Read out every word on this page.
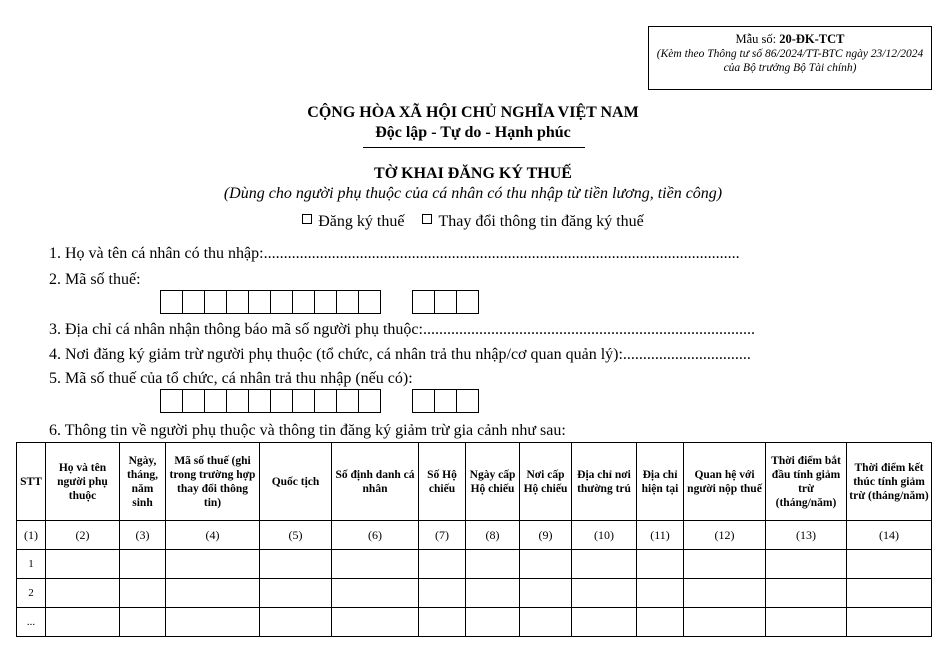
Mẫu số: 20-ĐK-TCT
(Kèm theo Thông tư số 86/2024/TT-BTC ngày 23/12/2024 của Bộ trưởng Bộ Tài chính)
CỘNG HÒA XÃ HỘI CHỦ NGHĨA VIỆT NAM
Độc lập - Tự do - Hạnh phúc
TỜ KHAI ĐĂNG KÝ THUẾ
(Dùng cho người phụ thuộc của cá nhân có thu nhập từ tiền lương, tiền công)
Đăng ký thuế Thay đổi thông tin đăng ký thuế
1. Họ và tên cá nhân có thu nhập:.......................................................................................................................
2. Mã số thuế:
3. Địa chỉ cá nhân nhận thông báo mã số người phụ thuộc:...................................................................................
4. Nơi đăng ký giảm trừ người phụ thuộc (tổ chức, cá nhân trả thu nhập/cơ quan quản lý):................................
5. Mã số thuế của tổ chức, cá nhân trả thu nhập (nếu có):
6. Thông tin về người phụ thuộc và thông tin đăng ký giảm trừ gia cảnh như sau:
STT	Họ và tên người phụ thuộc	Ngày, tháng, năm sinh	Mã số thuế (ghi trong trường hợp thay đổi thông tin)	Quốc tịch	Số định danh cá nhân	Số Hộ chiếu	Ngày cấp Hộ chiếu	Nơi cấp Hộ chiếu	Địa chỉ nơi thường trú	Địa chỉ hiện tại	Quan hệ với người nộp thuế	Thời điểm bắt đầu tính giảm trừ (tháng/năm)	Thời điểm kết thúc tính giảm trừ (tháng/năm)
(1)	(2)	(3)	(4)	(5)	(6)	(7)	(8)	(9)	(10)	(11)	(12)	(13)	(14)
1													
2													
...													
